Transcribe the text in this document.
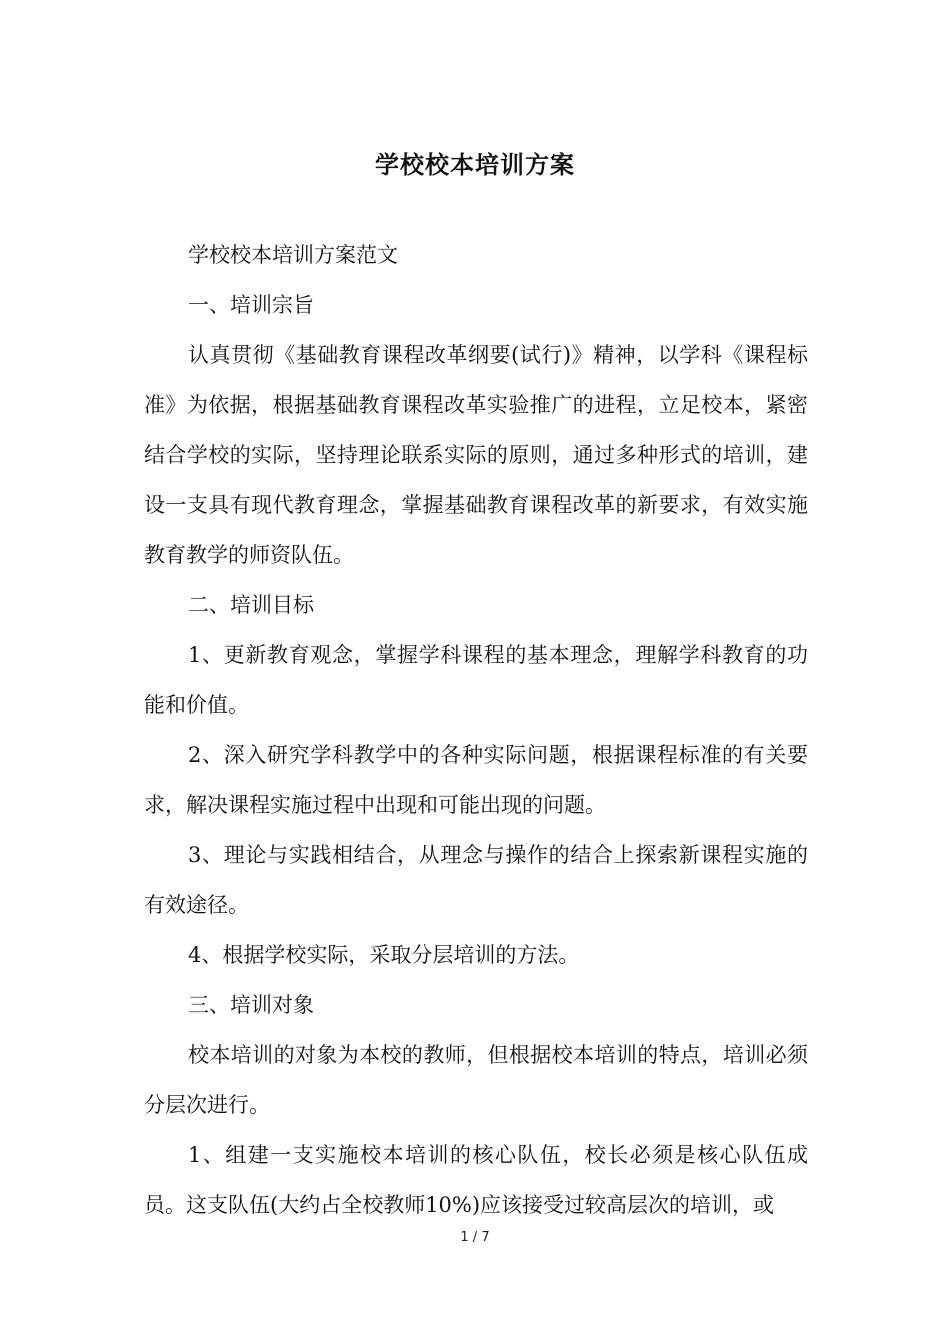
学校校本培训方案

学校校本培训方案范文

一、培训宗旨

认真贯彻《基础教育课程改革纲要(试行)》精神，以学科《课程标准》为依据，根据基础教育课程改革实验推广的进程，立足校本，紧密结合学校的实际，坚持理论联系实际的原则，通过多种形式的培训，建设一支具有现代教育理念，掌握基础教育课程改革的新要求，有效实施教育教学的师资队伍。

二、培训目标

1、更新教育观念，掌握学科课程的基本理念，理解学科教育的功能和价值。

2、深入研究学科教学中的各种实际问题，根据课程标准的有关要求，解决课程实施过程中出现和可能出现的问题。

3、理论与实践相结合，从理念与操作的结合上探索新课程实施的有效途径。

4、根据学校实际，采取分层培训的方法。

三、培训对象

校本培训的对象为本校的教师，但根据校本培训的特点，培训必须分层次进行。

1、组建一支实施校本培训的核心队伍，校长必须是核心队伍成员。这支队伍(大约占全校教师10%)应该接受过较高层次的培训，或

1 / 7
